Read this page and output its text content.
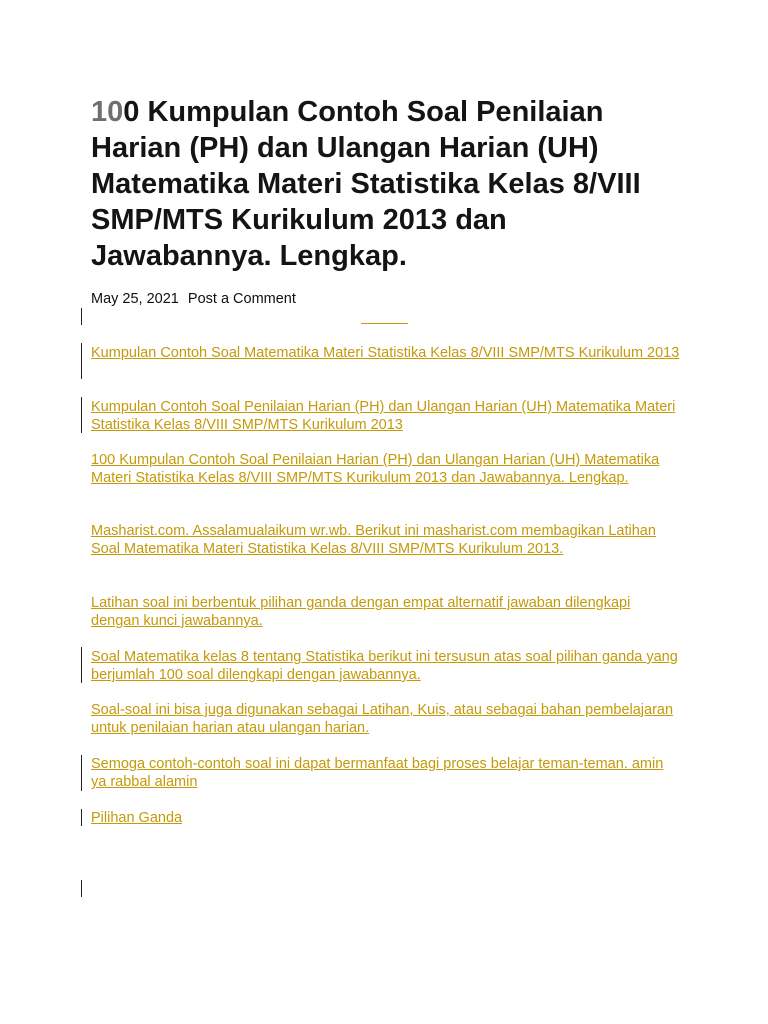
100 Kumpulan Contoh Soal Penilaian Harian (PH) dan Ulangan Harian (UH) Matematika Materi Statistika Kelas 8/VIII SMP/MTS Kurikulum 2013 dan Jawabannya. Lengkap.
May 25, 2021 Post a Comment
Kumpulan Contoh Soal Matematika Materi Statistika Kelas 8/VIII SMP/MTS Kurikulum 2013
Kumpulan Contoh Soal Penilaian Harian (PH) dan Ulangan Harian (UH) Matematika Materi Statistika Kelas 8/VIII SMP/MTS Kurikulum 2013
100 Kumpulan Contoh Soal Penilaian Harian (PH) dan Ulangan Harian (UH) Matematika Materi Statistika Kelas 8/VIII SMP/MTS Kurikulum 2013 dan Jawabannya. Lengkap.
Masharist.com. Assalamualaikum wr.wb. Berikut ini masharist.com membagikan Latihan Soal Matematika Materi Statistika Kelas 8/VIII SMP/MTS Kurikulum 2013.
Latihan soal ini berbentuk pilihan ganda dengan empat alternatif jawaban dilengkapi dengan kunci jawabannya.
Soal Matematika kelas 8 tentang Statistika berikut ini tersusun atas soal pilihan ganda yang berjumlah 100 soal dilengkapi dengan jawabannya.
Soal-soal ini bisa juga digunakan sebagai Latihan, Kuis, atau sebagai bahan pembelajaran untuk penilaian harian atau ulangan harian.
Semoga contoh-contoh soal ini dapat bermanfaat bagi proses belajar teman-teman. amin ya rabbal alamin
Pilihan Ganda
